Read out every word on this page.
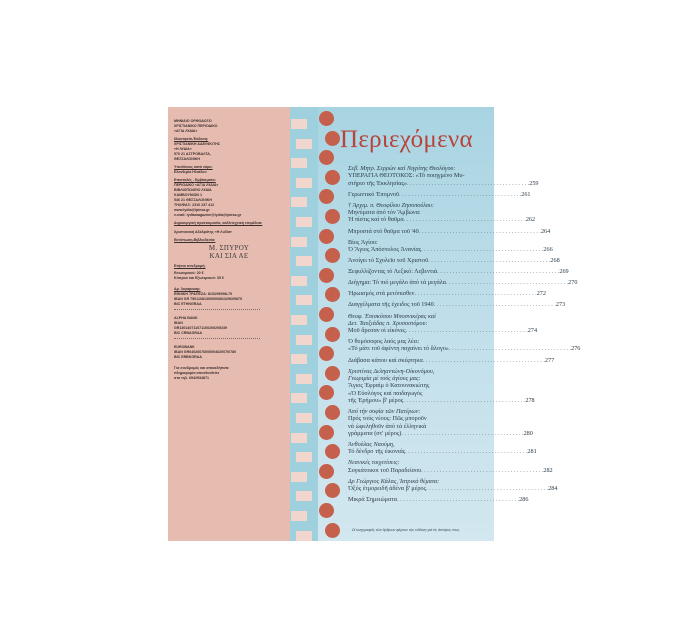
ΜΗΝΙΑΙΟ ΟΡΘΟΔΟΞΟ
ΧΡΙΣΤΙΑΝΙΚΟ ΠΕΡΙΟΔΙΚΟ
«ΑΓΙΑ ΛΥΔΙΑ»
Ιδιοκτησία-Έκδοση:
ΧΡΙΣΤΙΑΝΙΚΗ ΑΔΕΛΦΟΤΗΣ
«Η ΛΥΔΙΑ»
570 21 ΑΣΤΡΟΒΑΛΤΑ,
ΘΕΣΣΑΛΟΝΙΚΗ
Υπεύθυνος κατά νόμο:
Ελευθερία Ηλιάδου
Επιστολές - Εμβάσματα:
ΠΕΡΙΟΔΙΚΟ «ΑΓΙΑ ΛΥΔΙΑ»
ΒΙΒΛΙΟΠΩΛΕΙΟ ΛΥΔΙΑ
ΚΑΜΒΟΥΝΙΩΝ 1
546 21 ΘΕΣΣΑΛΟΝΙΚΗ
ΤΗΛ/ΦΑΞ: 2310 237 412
www.lydia@lpiesa.gr
e-mail: lydiamagazine@lydia@lpiesa.gr
Δημιουργική προετοιμασία, καλλιτεχνική επιμέλεια:
Χριστιανική Αδελφότης «Η Λυδία»
Εκτύπωση-Βιβλιοδεσία:
Μ. ΣΠΥΡΟΥ
ΚΑΙ ΣΙΑ ΑΕ
Ετήσια συνδρομή:
Εσωτερικού: 20 €
Κύπρου και Εξωτερικού: 35 €
Αρ. λογαριασμ:
ΕΘΝΙΚΗ ΤΡΑΠΕΖΑ: 813/296098-75
IBAN GR 75011081300000081329609875
BIC ETHNGRAA
ALPHA BANK
IBAN
GR130140711071100200209239
BIC CRBAGRAA
EUROBANK
IBAN GR0402607600000462007I0780
BIC ERBKGRAA
Για συνδρομές και οποιαδήποτε
πληροφορία απευθυνθείτε
στο τηλ. 6942934871
Περιεχόμενα
Σεβ. Μητρ. Σερρών καί Νιγρίτης Θεολόγου:
ΥΠΕΡΑΓΙΑ ΘΕΟΤΟΚΟΣ: «Τό ποιηγμένο Μυ-
στήριο τῆς Ἐκκλησίας» . . . . . . . . . . . . . . . . . . . . . . . . . . . . . . . . . . . . . . . . 259
Γερωντικό Ἐπομνοῦ . . . . . . . . . . . . . . . . . . . . . . . . . . . . . . . . . . . . . . . . 261
† Ἀρχιμ. π. Θεοφίλου Ζησοπούλου:
Μηνύματα ἀπό τόν Ἄμβωνα:
Ἡ πίστις καί τό θαῦμα . . . . . . . . . . . . . . . . . . . . . . . . . . . . . . . . . . . . . . . . 262
Μπροστά στό θαῦμα τοῦ '40 . . . . . . . . . . . . . . . . . . . . . . . . . . . . . . . . . . . . . . . . 264
Βίος Ἁγίου:
Ὁ Ἅγιος Ἀπόστολος Ἀνανίας . . . . . . . . . . . . . . . . . . . . . . . . . . . . . . . . . . . . . . . . 266
Ἀνοίγει τό Σχολεῖο τοῦ Χριστοῦ . . . . . . . . . . . . . . . . . . . . . . . . . . . . . . . . . . . . . . . . 268
Ξεφυλλίζοντας τό Λεξικό: Λεβεντιά . . . . . . . . . . . . . . . . . . . . . . . . . . . . . . . . . . . . . . . . 269
Διήγημα: Τό πιό μεγάλο ἀπό τά μεγάλα . . . . . . . . . . . . . . . . . . . . . . . . . . . . . . . . . . . . . . . . 270
Ἡρωισμός στά μετόπισθεν . . . . . . . . . . . . . . . . . . . . . . . . . . . . . . . . . . . . . . . . 272
Διαγγέλματα τῆς ἐχειδος τοῦ 1940 . . . . . . . . . . . . . . . . . . . . . . . . . . . . . . . . . . . . . . . . 273
Θεοφ. Ἐπισκόπου Μποσνικέρας καί
Δετ. Ταυξιάδας π. Χρυσοστόμου:
Μοῦ ἄρεσαν οἱ εἰκόνες . . . . . . . . . . . . . . . . . . . . . . . . . . . . . . . . . . . . . . . . 274
Ὁ θυμόσοφος λαός μας λέει:
«Τό μάτι τοῦ ἀφέντη παχαίνει τό ἄλογο» . . . . . . . . . . . . . . . . . . . . . . . . . . . . . . . . . . . . . . . . 276
Διάβασα κάπου καί σκέφτηκα . . . . . . . . . . . . . . . . . . . . . . . . . . . . . . . . . . . . . . . . 277
Χριστίνας Δεληαντώνη-Οἰκονόμου,
Γνωριμία μέ τούς ἁγίους μας:
Ἅγιος Ἐφραίμ ὁ Κατουνακιώτης
«Ὁ Εὐσλόγος καί παιδαγωγός
τῆς Ἐρήμου» β' μέρος . . . . . . . . . . . . . . . . . . . . . . . . . . . . . . . . . . . . . . . . 278
Ἀπό τήν σοφία τῶν Πατέρων:
Πρός τούς νέους: Πῶς μποροῦν
νά ὠφεληθοῦν ἀπό τά ἑλληνικά
γράμματα (στ' μέρος) . . . . . . . . . . . . . . . . . . . . . . . . . . . . . . . . . . . . . . . . 280
Ἀνθούλας Ναούμη,
Τό δένδρο τῆς ἐικονιάς . . . . . . . . . . . . . . . . . . . . . . . . . . . . . . . . . . . . . . . . 281
Νεανικές τοιχετίσεις:
Συγκάτοικοι τοῦ Παραδείσου . . . . . . . . . . . . . . . . . . . . . . . . . . . . . . . . . . . . . . . . 282
Δρ Γεώργιος Κάλας, Ἰατρικά θέματα:
Ὀξύς ἐτμορειδῆ ἀδένα β' μέρος . . . . . . . . . . . . . . . . . . . . . . . . . . . . . . . . . . . . . . . . 284
Μικρά Σημειώματα . . . . . . . . . . . . . . . . . . . . . . . . . . . . . . . . . . . . . . . . 286
Οἱ συγγραφεῖς τῶν ἄρθρων φέρουν τήν εὐθύνη γιά τίς ἀπόψεις τους.
